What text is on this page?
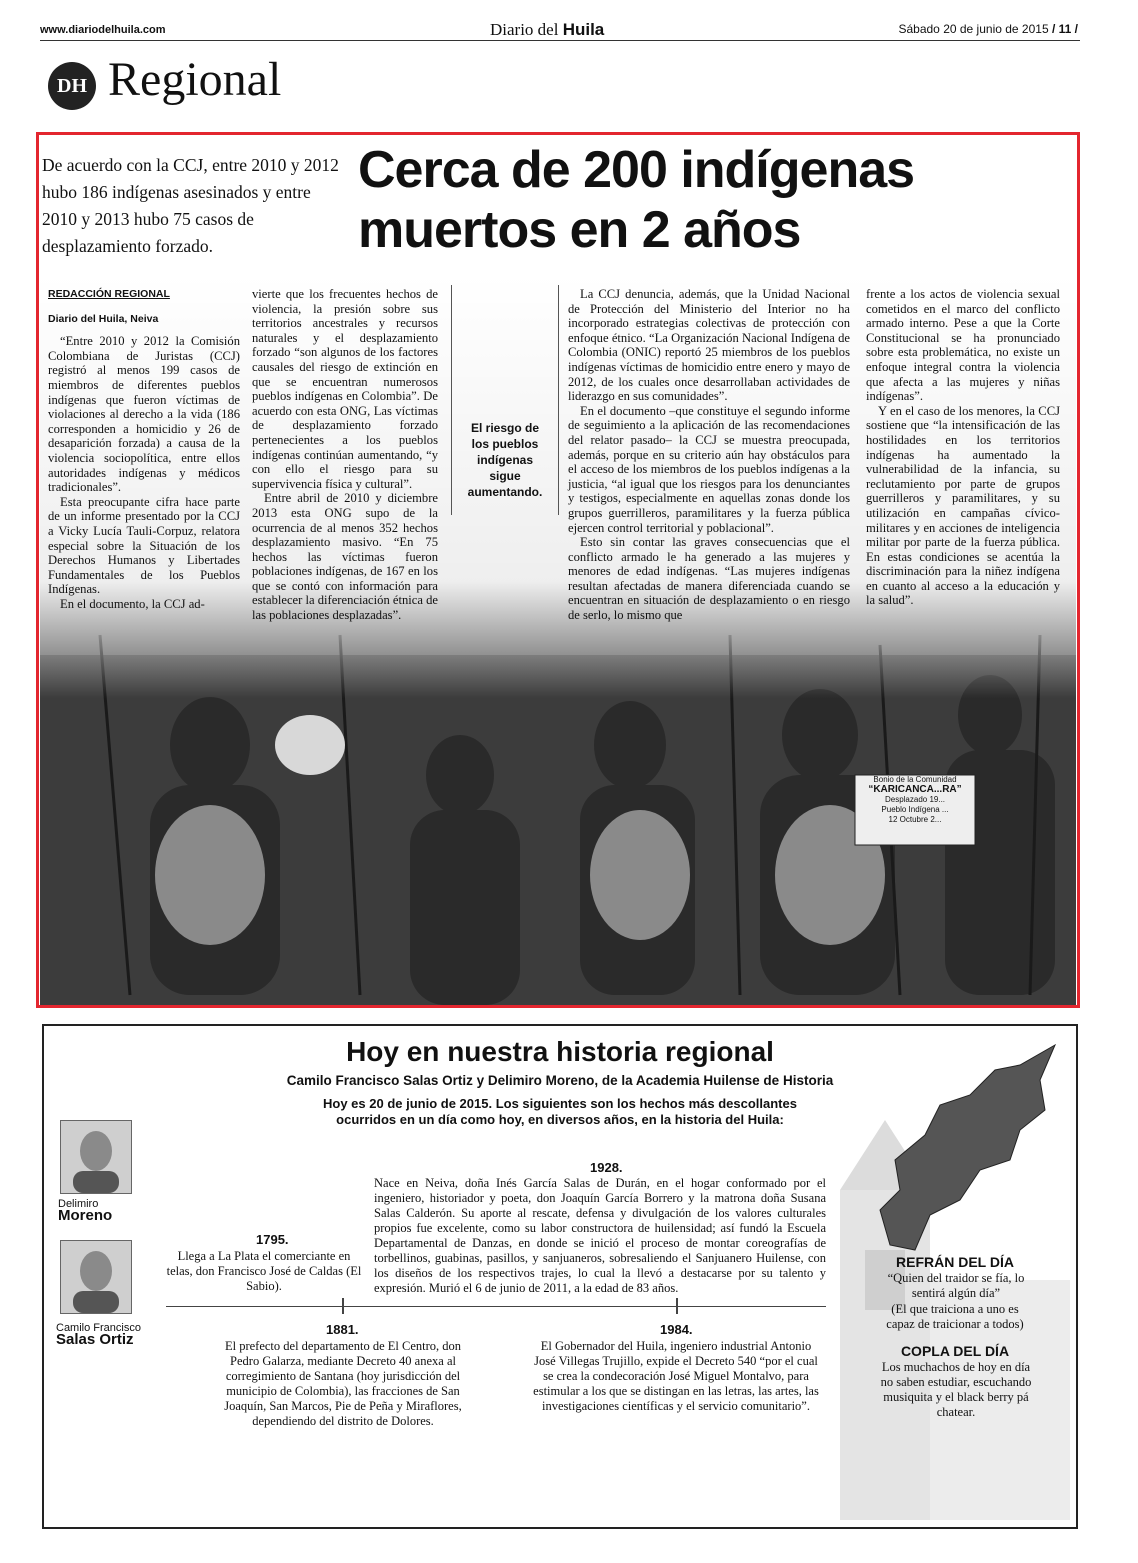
www.diariodelhuila.com	Diario del Huila	Sábado 20 de junio de 2015 / 11 /
DH Regional
Bonio de la Comunidad
“KARICANCA...RA”
Desplazado 19...
Pueblo Indígena ...
12 Octubre 2...
De acuerdo con la CCJ, entre 2010 y 2012 hubo 186 indígenas asesinados y entre 2010 y 2013 hubo 75 casos de desplazamiento forzado.
Cerca de 200 indígenas muertos en 2 años

REDACCIÓN REGIONAL

Diario del Huila, Neiva

“Entre 2010 y 2012 la Comisión Colombiana de Juristas (CCJ) registró al menos 199 casos de miembros de diferentes pueblos indígenas que fueron víctimas de violaciones al derecho a la vida (186 corresponden a homicidio y 26 de desaparición forzada) a causa de la violencia sociopolítica, entre ellos autoridades indígenas y médicos tradicionales”.

Esta preocupante cifra hace parte de un informe presentado por la CCJ a Vicky Lucía Tauli-Corpuz, relatora especial sobre la Situación de los Derechos Humanos y Libertades Fundamentales de los Pueblos Indígenas.

En el documento, la CCJ ad-

vierte que los frecuentes hechos de violencia, la presión sobre sus territorios ancestrales y recursos naturales y el desplazamiento forzado “son algunos de los factores causales del riesgo de extinción en que se encuentran numerosos pueblos indígenas en Colombia”. De acuerdo con esta ONG, Las víctimas de desplazamiento forzado pertenecientes a los pueblos indígenas continúan aumentando, “y con ello el riesgo para su supervivencia física y cultural”.

Entre abril de 2010 y diciembre 2013 esta ONG supo de la ocurrencia de al menos 352 hechos desplazamiento masivo. “En 75 hechos las víctimas fueron poblaciones indígenas, de 167 en los que se contó con información para establecer la diferenciación étnica de las poblaciones desplazadas”.

El riesgo de los pueblos indígenas sigue aumentando.

La CCJ denuncia, además, que la Unidad Nacional de Protección del Ministerio del Interior no ha incorporado estrategias colectivas de protección con enfoque étnico. “La Organización Nacional Indígena de Colombia (ONIC) reportó 25 miembros de los pueblos indígenas víctimas de homicidio entre enero y mayo de 2012, de los cuales once desarrollaban actividades de liderazgo en sus comunidades”.

En el documento –que constituye el segundo informe de seguimiento a la aplicación de las recomendaciones del relator pasado– la CCJ se muestra preocupada, además, porque en su criterio aún hay obstáculos para el acceso de los miembros de los pueblos indígenas a la justicia, “al igual que los riesgos para los denunciantes y testigos, especialmente en aquellas zonas donde los grupos guerrilleros, paramilitares y la fuerza pública ejercen control territorial y poblacional”.

Esto sin contar las graves consecuencias que el conflicto armado le ha generado a las mujeres y menores de edad indígenas. “Las mujeres indígenas resultan afectadas de manera diferenciada cuando se encuentran en situación de desplazamiento o en riesgo de serlo, lo mismo que

frente a los actos de violencia sexual cometidos en el marco del conflicto armado interno. Pese a que la Corte Constitucional se ha pronunciado sobre esta problemática, no existe un enfoque integral contra la violencia que afecta a las mujeres y niñas indígenas”.

Y en el caso de los menores, la CCJ sostiene que “la intensificación de las hostilidades en los territorios indígenas ha aumentado la vulnerabilidad de la infancia, su reclutamiento por parte de grupos guerrilleros y paramilitares, y su utilización en campañas cívico-militares y en acciones de inteligencia militar por parte de la fuerza pública. En estas condiciones se acentúa la discriminación para la niñez indígena en cuanto al acceso a la educación y la salud”.

Hoy en nuestra historia regional
Camilo Francisco Salas Ortiz y Delimiro Moreno, de la Academia Huilense de Historia
Hoy es 20 de junio de 2015. Los siguientes son los hechos más descollantes ocurridos en un día como hoy, en diversos años, en la historia del Huila:
Delimiro
Moreno
Camilo Francisco
Salas Ortiz
1928.
Nace en Neiva, doña Inés García Salas de Durán, en el hogar conformado por el ingeniero, historiador y poeta, don Joaquín García Borrero y la matrona doña Susana Salas Calderón. Su aporte al rescate, defensa y divulgación de los valores culturales propios fue excelente, como su labor constructora de huilensidad; así fundó la Escuela Departamental de Danzas, en donde se inició el proceso de montar coreografías de torbellinos, guabinas, pasillos, y sanjuaneros, sobresaliendo el Sanjuanero Huilense, con los diseños de los respectivos trajes, lo cual la llevó a destacarse por su talento y expresión. Murió el 6 de junio de 2011, a la edad de 83 años.
1795.
Llega a La Plata el comerciante en telas, don Francisco José de Caldas (El Sabio).
1881.
El prefecto del departamento de El Centro, don Pedro Galarza, mediante Decreto 40 anexa al corregimiento de Santana (hoy jurisdicción del municipio de Colombia), las fracciones de San Joaquín, San Marcos, Pie de Peña y Miraflores, dependiendo del distrito de Dolores.
1984.
El Gobernador del Huila, ingeniero industrial Antonio José Villegas Trujillo, expide el Decreto 540 “por el cual se crea la condecoración José Miguel Montalvo, para estimular a los que se distingan en las letras, las artes, las investigaciones científicas y el servicio comunitario”.
REFRÁN DEL DÍA
“Quien del traidor se fía, lo sentirá algún día”
(El que traiciona a uno es capaz de traicionar a todos)
COPLA DEL DÍA
Los muchachos de hoy en día no saben estudiar, escuchando musiquita y el black berry pá chatear.
